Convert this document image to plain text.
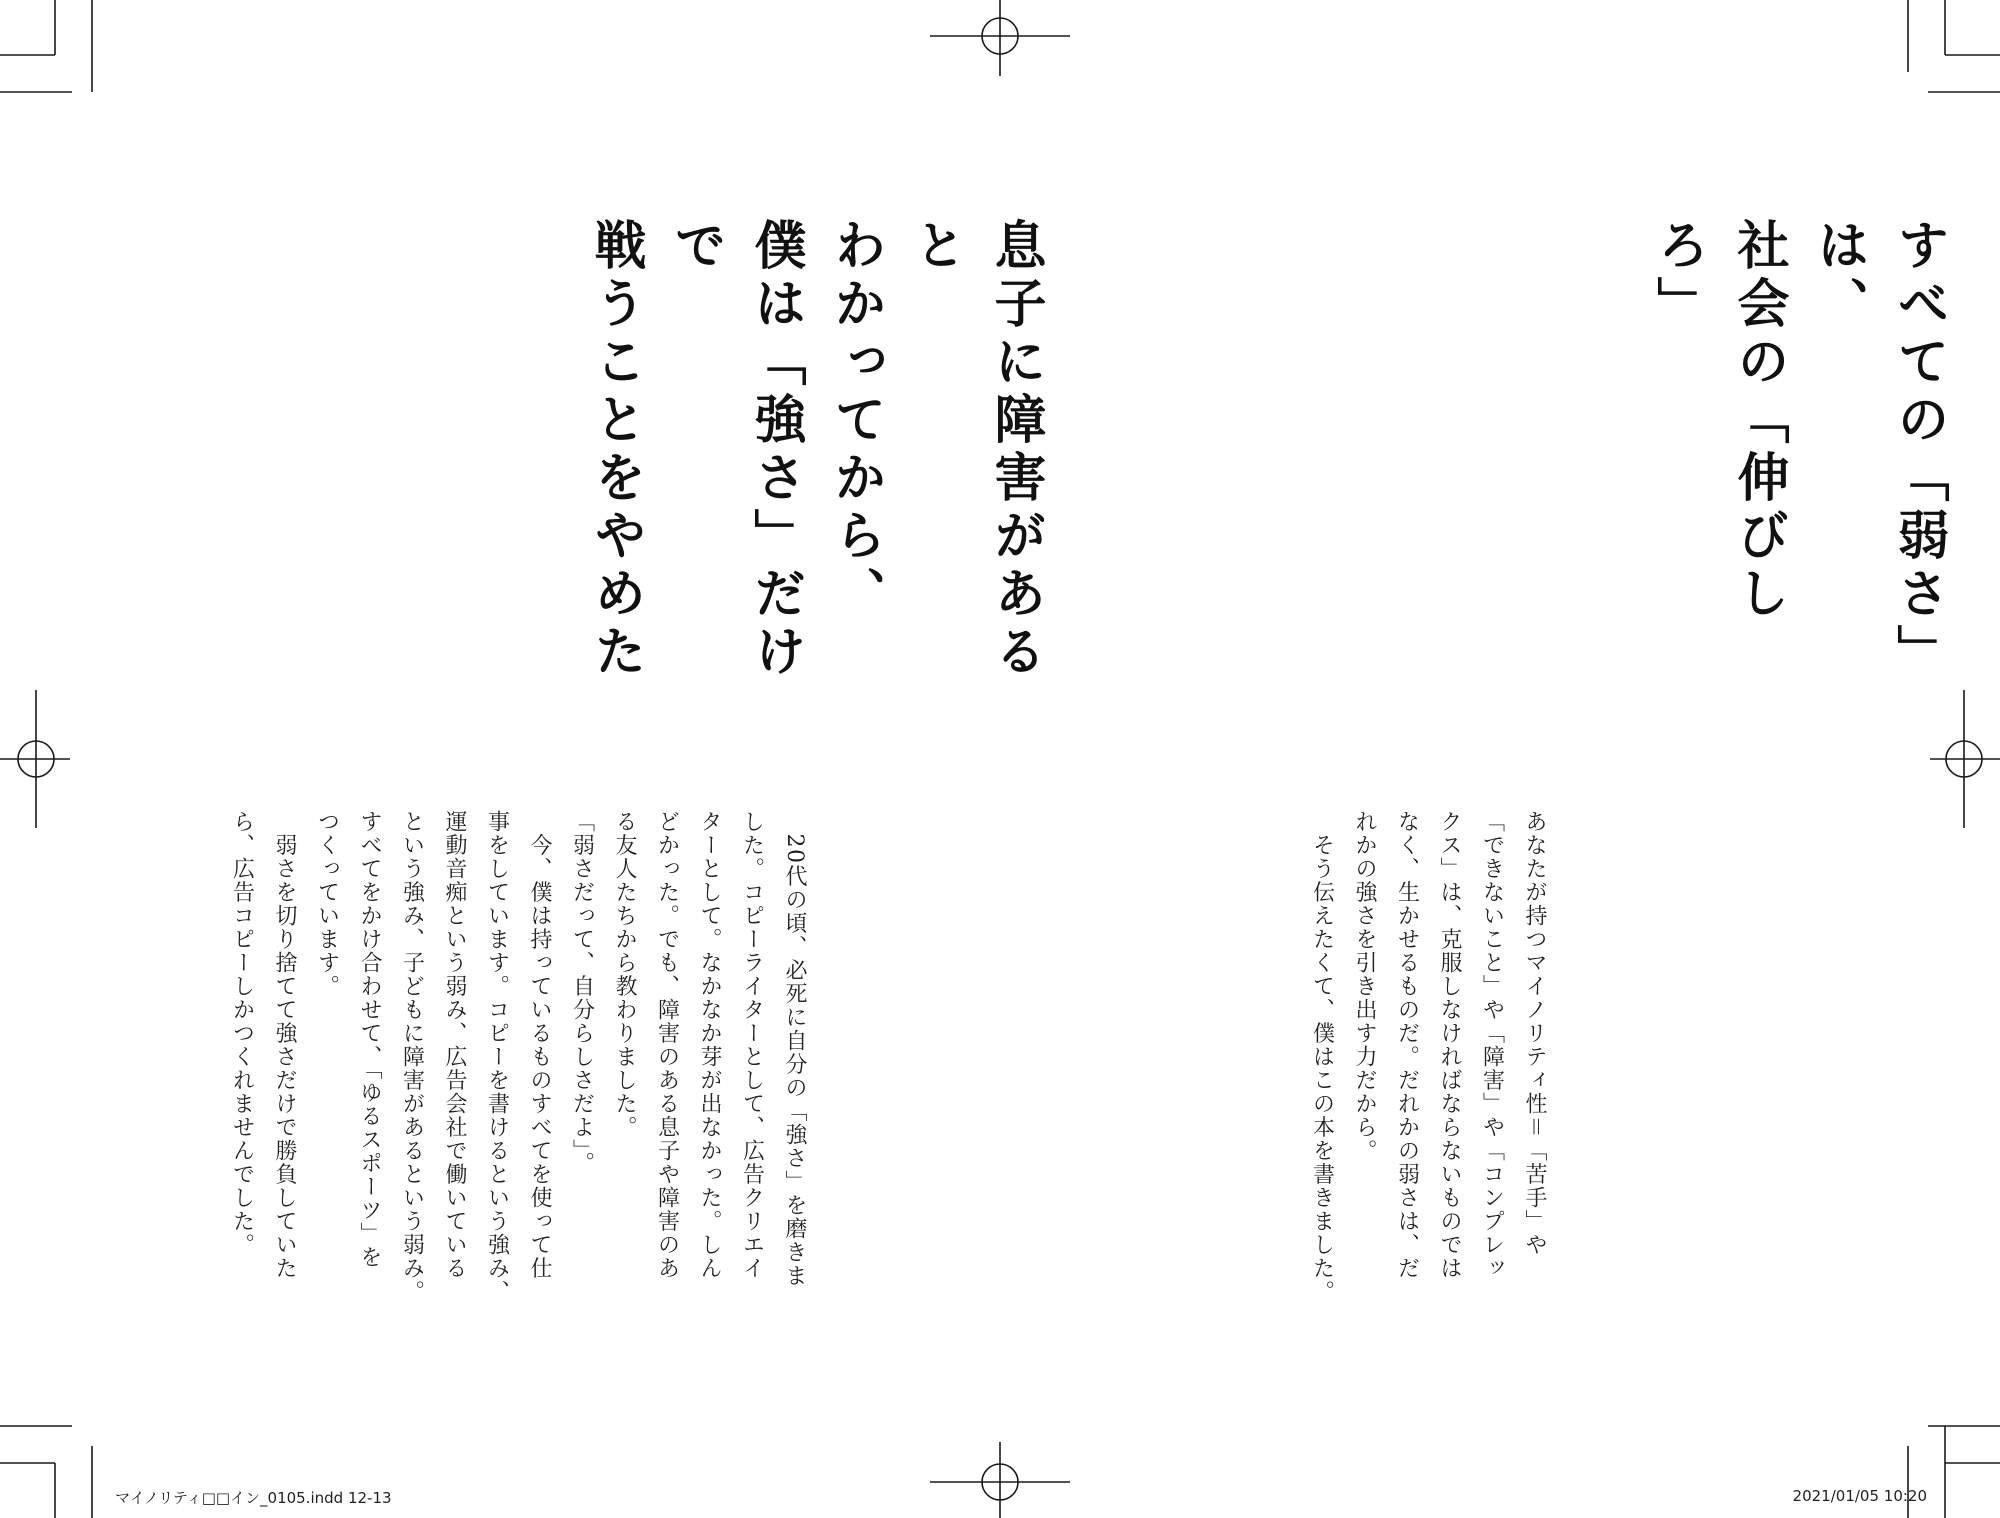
すべての「弱さ」は、
社会の「伸びしろ」
あなたが持つマイノリティ性＝「苦手」や
「できないこと」や「障害」や「コンプレッ
クス」は、克服しなければならないものでは
なく、生かせるものだ。だれかの弱さは、だ
れかの強さを引き出す力だから。
　そう伝えたくて、僕はこの本を書きました。
息子に障害があると
わかってから、
僕は「強さ」だけで
戦うことをやめた
　20代の頃、必死に自分の「強さ」を磨きま
した。コピーライターとして、広告クリエイ
ターとして。なかなか芽が出なかった。しん
どかった。でも、障害のある息子や障害のあ
る友人たちから教わりました。
「弱さだって、自分らしさだよ」。
　今、僕は持っているものすべてを使って仕
事をしています。コピーを書けるという強み、
運動音痴という弱み、広告会社で働いている
という強み、子どもに障害があるという弱み。
すべてをかけ合わせて、「ゆるスポーツ」を
つくっています。
　弱さを切り捨てて強さだけで勝負していた
ら、広告コピーしかつくれませんでした。
マイノリティ□□イン_0105.indd 12-13	2021/01/05 10:20
